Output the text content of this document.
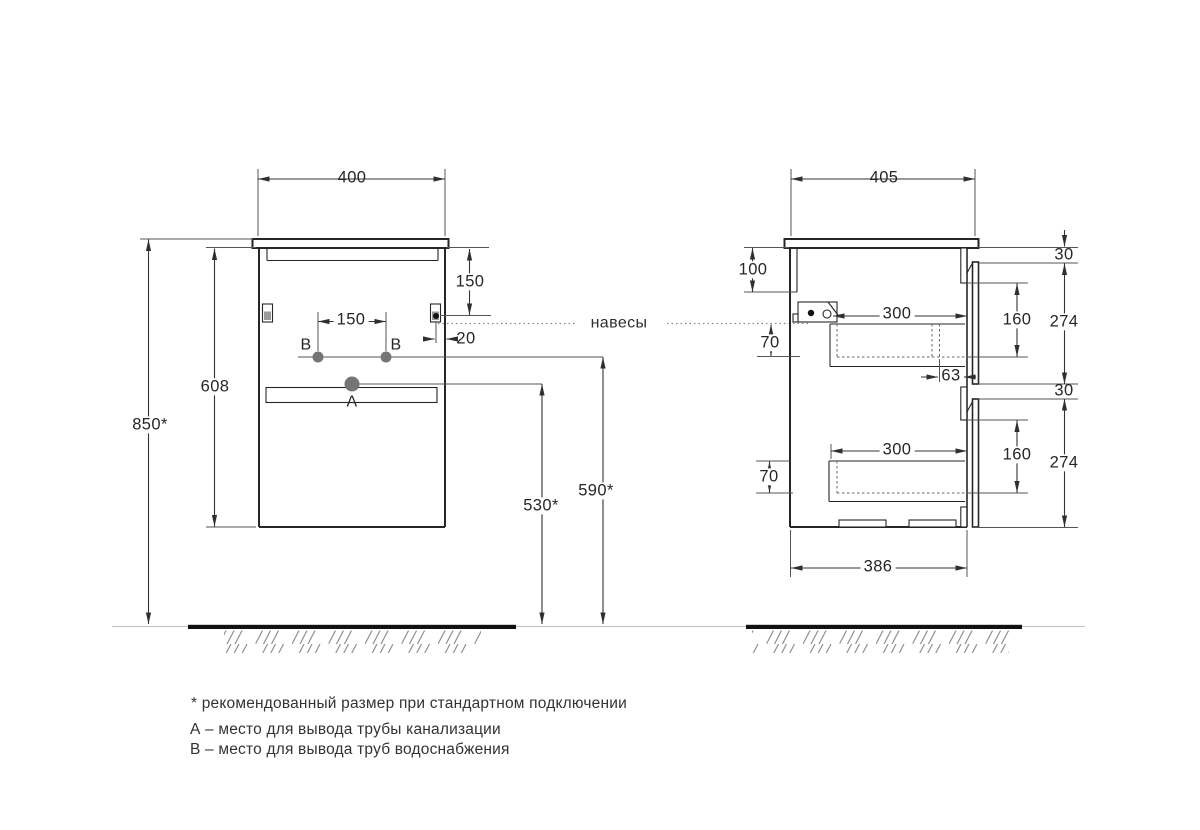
400
150
150
20
608
850*
530*
590*
B	B
A
навесы
405
100
30
160 274
70
300
63
30
160 274
70
300
386
* рекомендованный размер при стандартном подключении
А – место для вывода трубы канализации
В – место для вывода труб водоснабжения
